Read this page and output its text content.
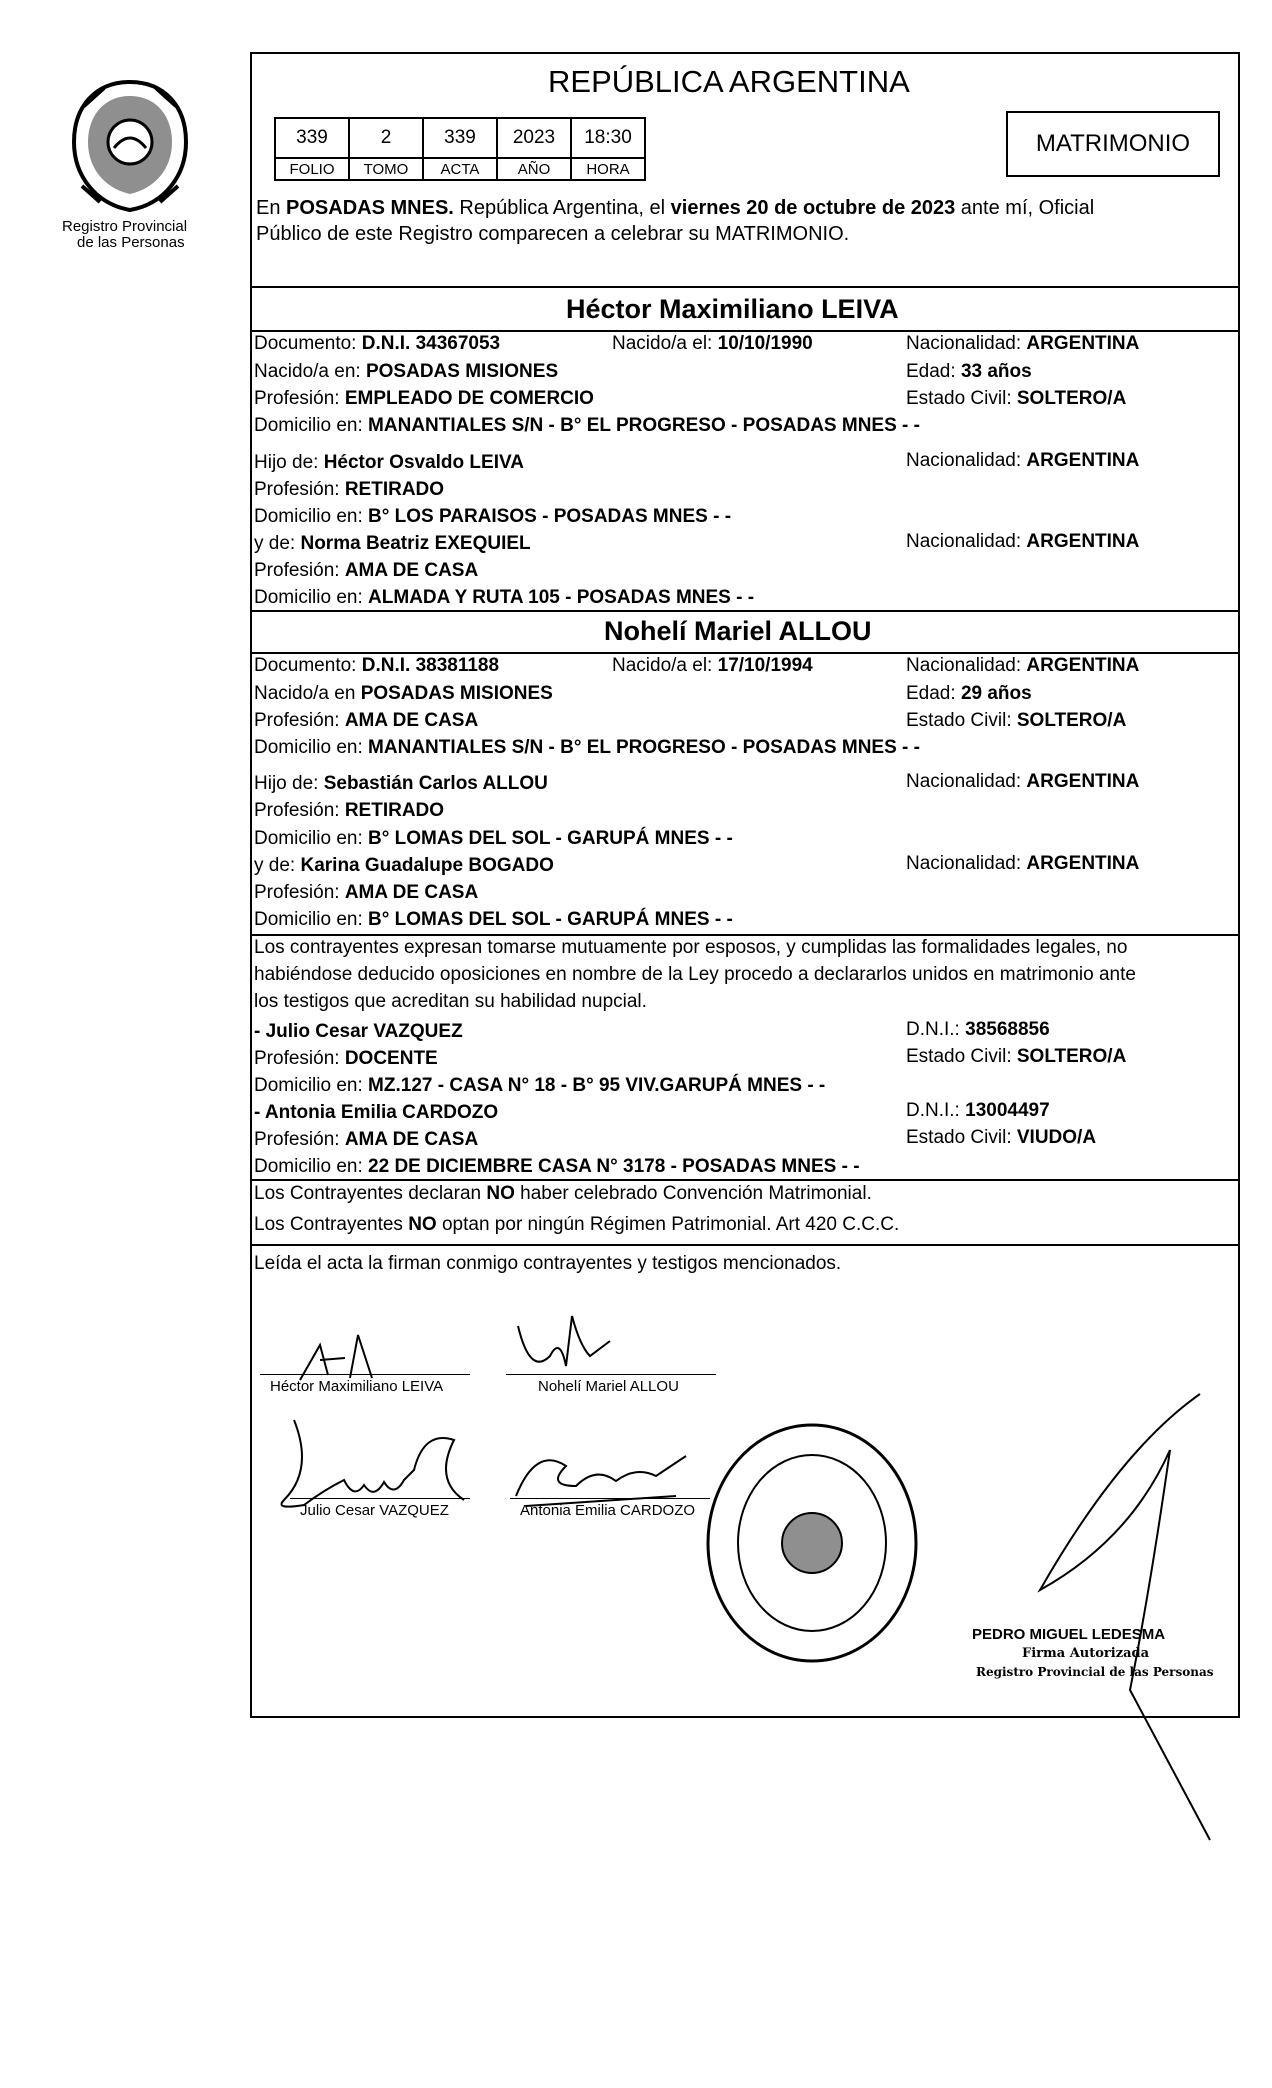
Registro Provincial
de las Personas
REPÚBLICA ARGENTINA
339	2	339	2023	18:30
FOLIO	TOMO	ACTA	AÑO	HORA
MATRIMONIO
En POSADAS MNES. República Argentina, el viernes 20 de octubre de 2023 ante mí, Oficial
Público de este Registro comparecen a celebrar su MATRIMONIO.
Héctor Maximiliano LEIVA
Documento: D.N.I. 34367053	Nacido/a el: 10/10/1990	Nacionalidad: ARGENTINA
Nacido/a en: POSADAS MISIONES	Edad: 33 años
Profesión: EMPLEADO DE COMERCIO	Estado Civil: SOLTERO/A
Domicilio en: MANANTIALES S/N - B° EL PROGRESO - POSADAS MNES - -
Hijo de: Héctor Osvaldo LEIVA	Nacionalidad: ARGENTINA
Profesión: RETIRADO
Domicilio en: B° LOS PARAISOS - POSADAS MNES - -
y de: Norma Beatriz EXEQUIEL	Nacionalidad: ARGENTINA
Profesión: AMA DE CASA
Domicilio en: ALMADA Y RUTA 105 - POSADAS MNES - -
Nohelí Mariel ALLOU
Documento: D.N.I. 38381188	Nacido/a el: 17/10/1994	Nacionalidad: ARGENTINA
Nacido/a en POSADAS MISIONES	Edad: 29 años
Profesión: AMA DE CASA	Estado Civil: SOLTERO/A
Domicilio en: MANANTIALES S/N - B° EL PROGRESO - POSADAS MNES - -
Hijo de: Sebastián Carlos ALLOU	Nacionalidad: ARGENTINA
Profesión: RETIRADO
Domicilio en: B° LOMAS DEL SOL - GARUPÁ MNES - -
y de: Karina Guadalupe BOGADO	Nacionalidad: ARGENTINA
Profesión: AMA DE CASA
Domicilio en: B° LOMAS DEL SOL - GARUPÁ MNES - -
Los contrayentes expresan tomarse mutuamente por esposos, y cumplidas las formalidades legales, no
habiéndose deducido oposiciones en nombre de la Ley procedo a declararlos unidos en matrimonio ante
los testigos que acreditan su habilidad nupcial.
- Julio Cesar VAZQUEZ	D.N.I.: 38568856
Profesión: DOCENTE	Estado Civil: SOLTERO/A
Domicilio en: MZ.127 - CASA N° 18 - B° 95 VIV.GARUPÁ MNES - -
- Antonia Emilia CARDOZO	D.N.I.: 13004497
Profesión: AMA DE CASA	Estado Civil: VIUDO/A
Domicilio en: 22 DE DICIEMBRE CASA N° 3178 - POSADAS MNES - -
Los Contrayentes declaran NO haber celebrado Convención Matrimonial.
Los Contrayentes NO optan por ningún Régimen Patrimonial. Art 420 C.C.C.
Leída el acta la firman conmigo contrayentes y testigos mencionados.
Héctor Maximiliano LEIVA	Nohelí Mariel ALLOU
Julio Cesar VAZQUEZ	Antonia Emilia CARDOZO
PEDRO MIGUEL LEDESMA
Firma Autorizada
Registro Provincial de las Personas
